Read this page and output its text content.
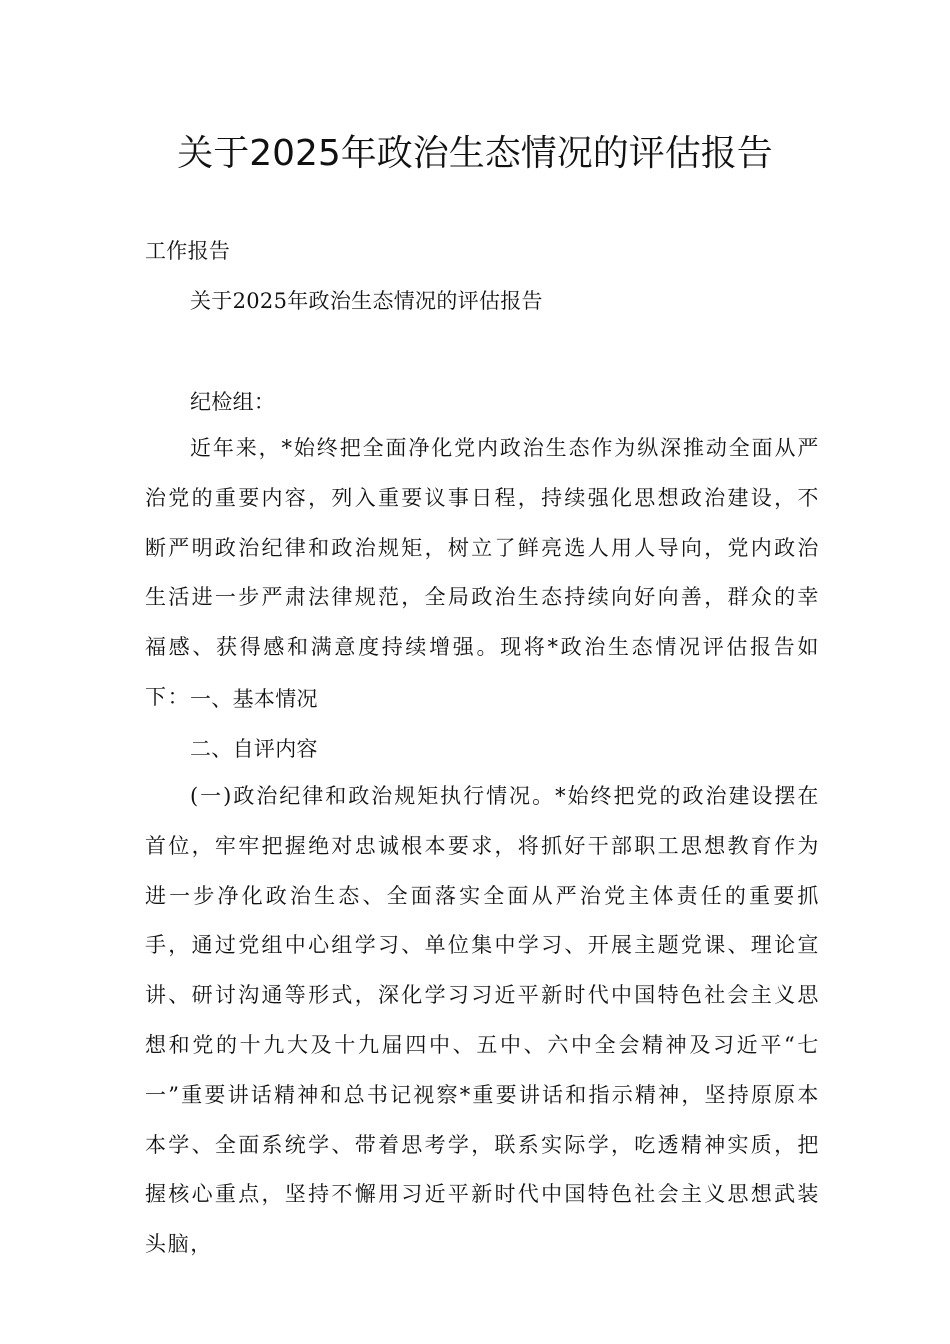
关于2025年政治生态情况的评估报告
工作报告
关于2025年政治生态情况的评估报告
纪检组：
近年来，*始终把全面净化党内政治生态作为纵深推动全面从严治党的重要内容，列入重要议事日程，持续强化思想政治建设，不断严明政治纪律和政治规矩，树立了鲜亮选人用人导向，党内政治生活进一步严肃法律规范，全局政治生态持续向好向善，群众的幸福感、获得感和满意度持续增强。现将*政治生态情况评估报告如下： 一、基本情况
二、自评内容
(一)政治纪律和政治规矩执行情况。*始终把党的政治建设摆在首位，牢牢把握绝对忠诚根本要求，将抓好干部职工思想教育作为进一步净化政治生态、全面落实全面从严治党主体责任的重要抓手，通过党组中心组学习、单位集中学习、开展主题党课、理论宣讲、研讨沟通等形式，深化学习习近平新时代中国特色社会主义思想和党的十九大及十九届四中、五中、六中全会精神及习近平“七一”重要讲话精神和总书记视察*重要讲话和指示精神，坚持原原本本学、全面系统学、带着思考学，联系实际学，吃透精神实质，把握核心重点，坚持不懈用习近平新时代中国特色社会主义思想武装头脑，
